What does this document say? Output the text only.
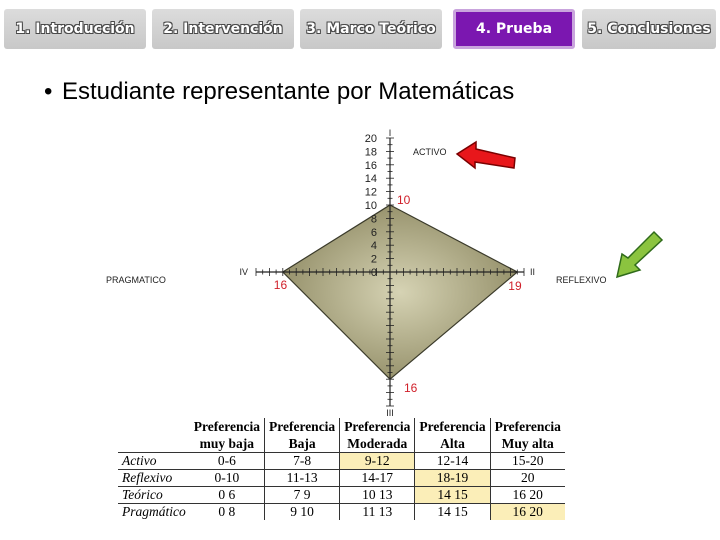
1. Introducción	2. Intervención	3. Marco Teórico	4. Prueba	5. Conclusiones
• Estudiante representante por Matemáticas
20
18
16
14
12
10
8
6
4
2
0
I
II
III
IV
ACTIVO
REFLEXIVO
PRAGMATICO
10
19
16
16
	Preferencia	Preferencia	Preferencia	Preferencia	Preferencia
	muy baja	Baja	Moderada	Alta	Muy alta
Activo	0-6	7-8	9-12	12-14	15-20
Reflexivo	0-10	11-13	14-17	18-19	20
Teórico	0 6	7 9	10 13	14 15	16 20
Pragmático	0 8	9 10	11 13	14 15	16 20
